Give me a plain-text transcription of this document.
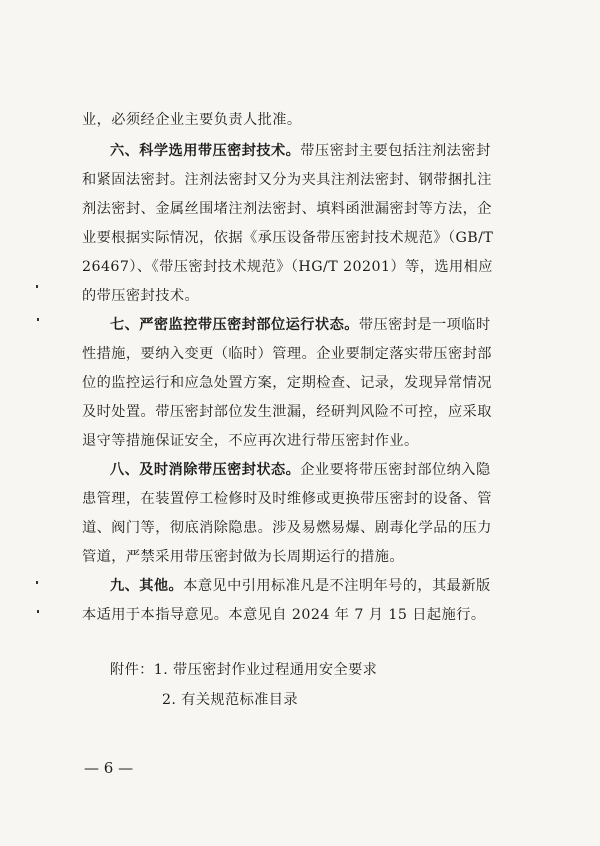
业，必须经企业主要负责人批准。
六、科学选用带压密封技术。带压密封主要包括注剂法密封
和紧固法密封。注剂法密封又分为夹具注剂法密封、钢带捆扎注
剂法密封、金属丝围堵注剂法密封、填料函泄漏密封等方法，企
业要根据实际情况，依据《承压设备带压密封技术规范》（GB/T
26467）、《带压密封技术规范》（HG/T 20201）等，选用相应
的带压密封技术。
七、严密监控带压密封部位运行状态。带压密封是一项临时
性措施，要纳入变更（临时）管理。企业要制定落实带压密封部
位的监控运行和应急处置方案，定期检查、记录，发现异常情况
及时处置。带压密封部位发生泄漏，经研判风险不可控，应采取
退守等措施保证安全，不应再次进行带压密封作业。
八、及时消除带压密封状态。企业要将带压密封部位纳入隐
患管理，在装置停工检修时及时维修或更换带压密封的设备、管
道、阀门等，彻底消除隐患。涉及易燃易爆、剧毒化学品的压力
管道，严禁采用带压密封做为长周期运行的措施。
九、其他。本意见中引用标准凡是不注明年号的，其最新版
本适用于本指导意见。本意见自 2024 年 7 月 15 日起施行。
附件：1. 带压密封作业过程通用安全要求
2. 有关规范标准目录
— 6 —
